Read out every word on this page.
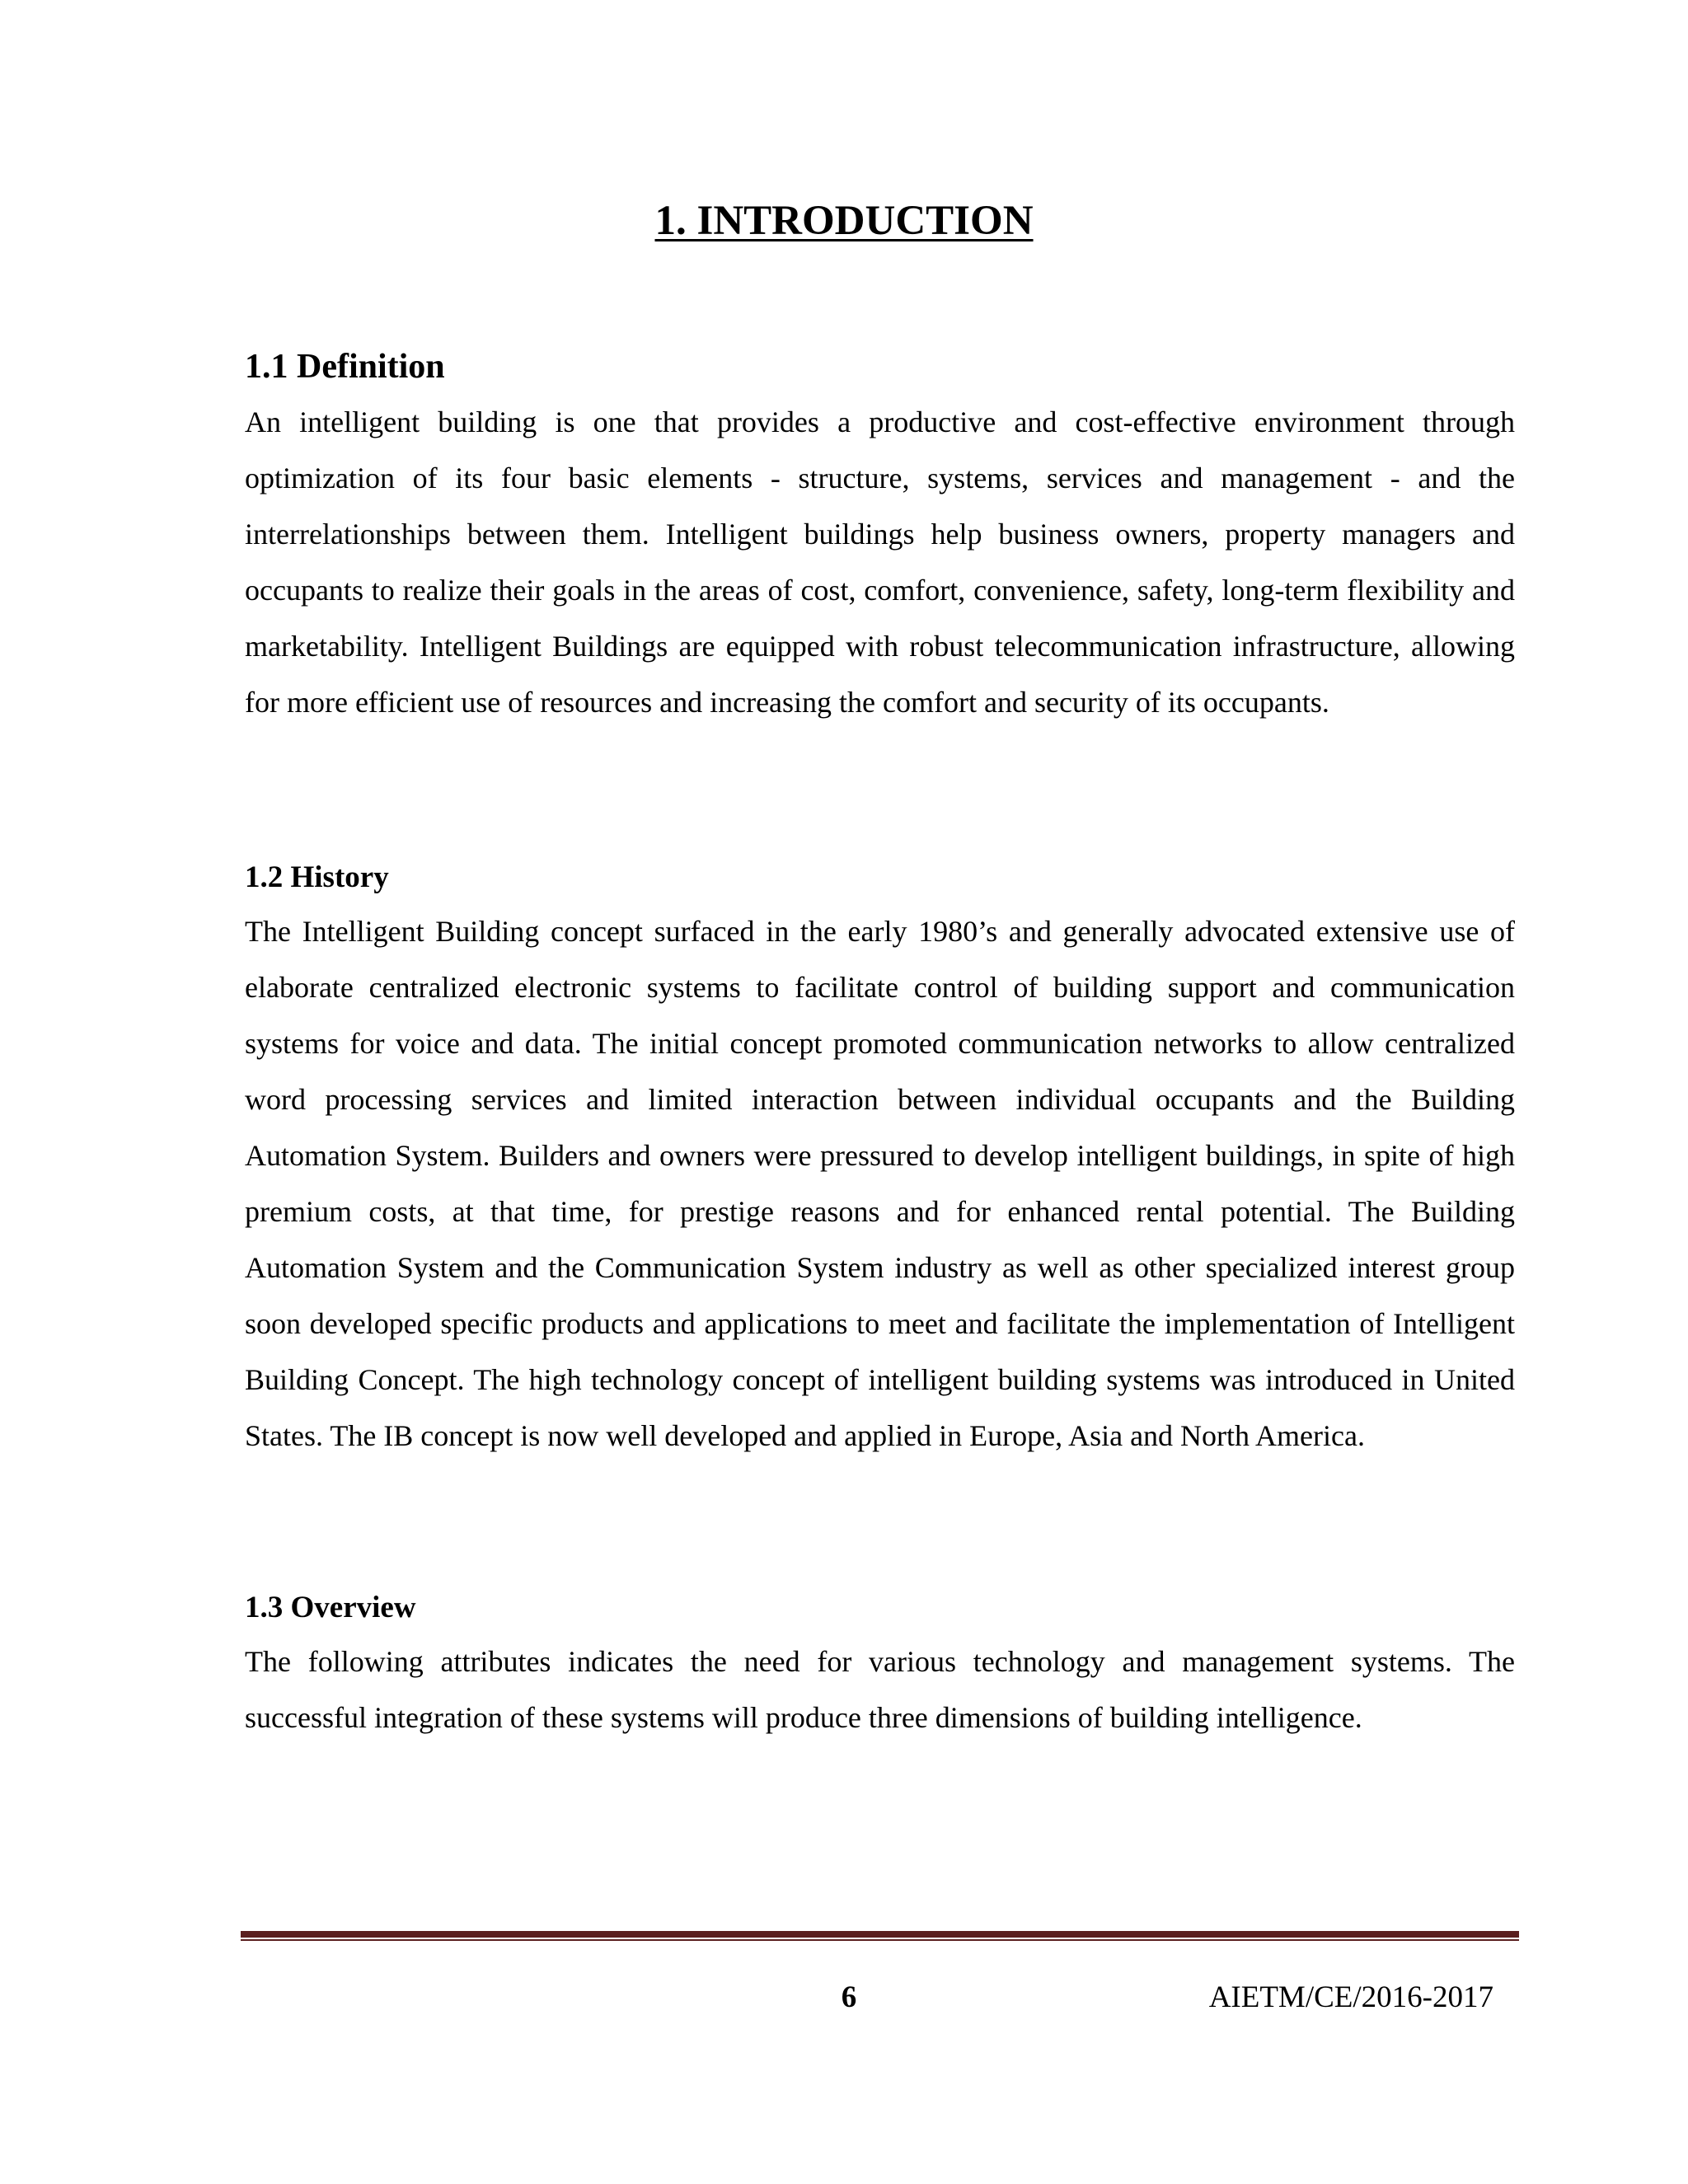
1. INTRODUCTION
1.1 Definition

An intelligent building is one that provides a productive and cost-effective environment through optimization of its four basic elements - structure, systems, services and management - and the interrelationships between them. Intelligent buildings help business owners, property managers and occupants to realize their goals in the areas of cost, comfort, convenience, safety, long-term flexibility and marketability. Intelligent Buildings are equipped with robust telecommunication infrastructure, allowing for more efficient use of resources and increasing the comfort and security of its occupants.

1.2 History

The Intelligent Building concept surfaced in the early 1980’s and generally advocated extensive use of elaborate centralized electronic systems to facilitate control of building support and communication systems for voice and data. The initial concept promoted communication networks to allow centralized word processing services and limited interaction between individual occupants and the Building Automation System. Builders and owners were pressured to develop intelligent buildings, in spite of high premium costs, at that time, for prestige reasons and for enhanced rental potential. The Building Automation System and the Communication System industry as well as other specialized interest group soon developed specific products and applications to meet and facilitate the implementation of Intelligent Building Concept. The high technology concept of intelligent building systems was introduced in United States. The IB concept is now well developed and applied in Europe, Asia and North America.

1.3 Overview

The following attributes indicates the need for various technology and management systems. The successful integration of these systems will produce three dimensions of building intelligence.

6	AIETM/CE/2016-2017
